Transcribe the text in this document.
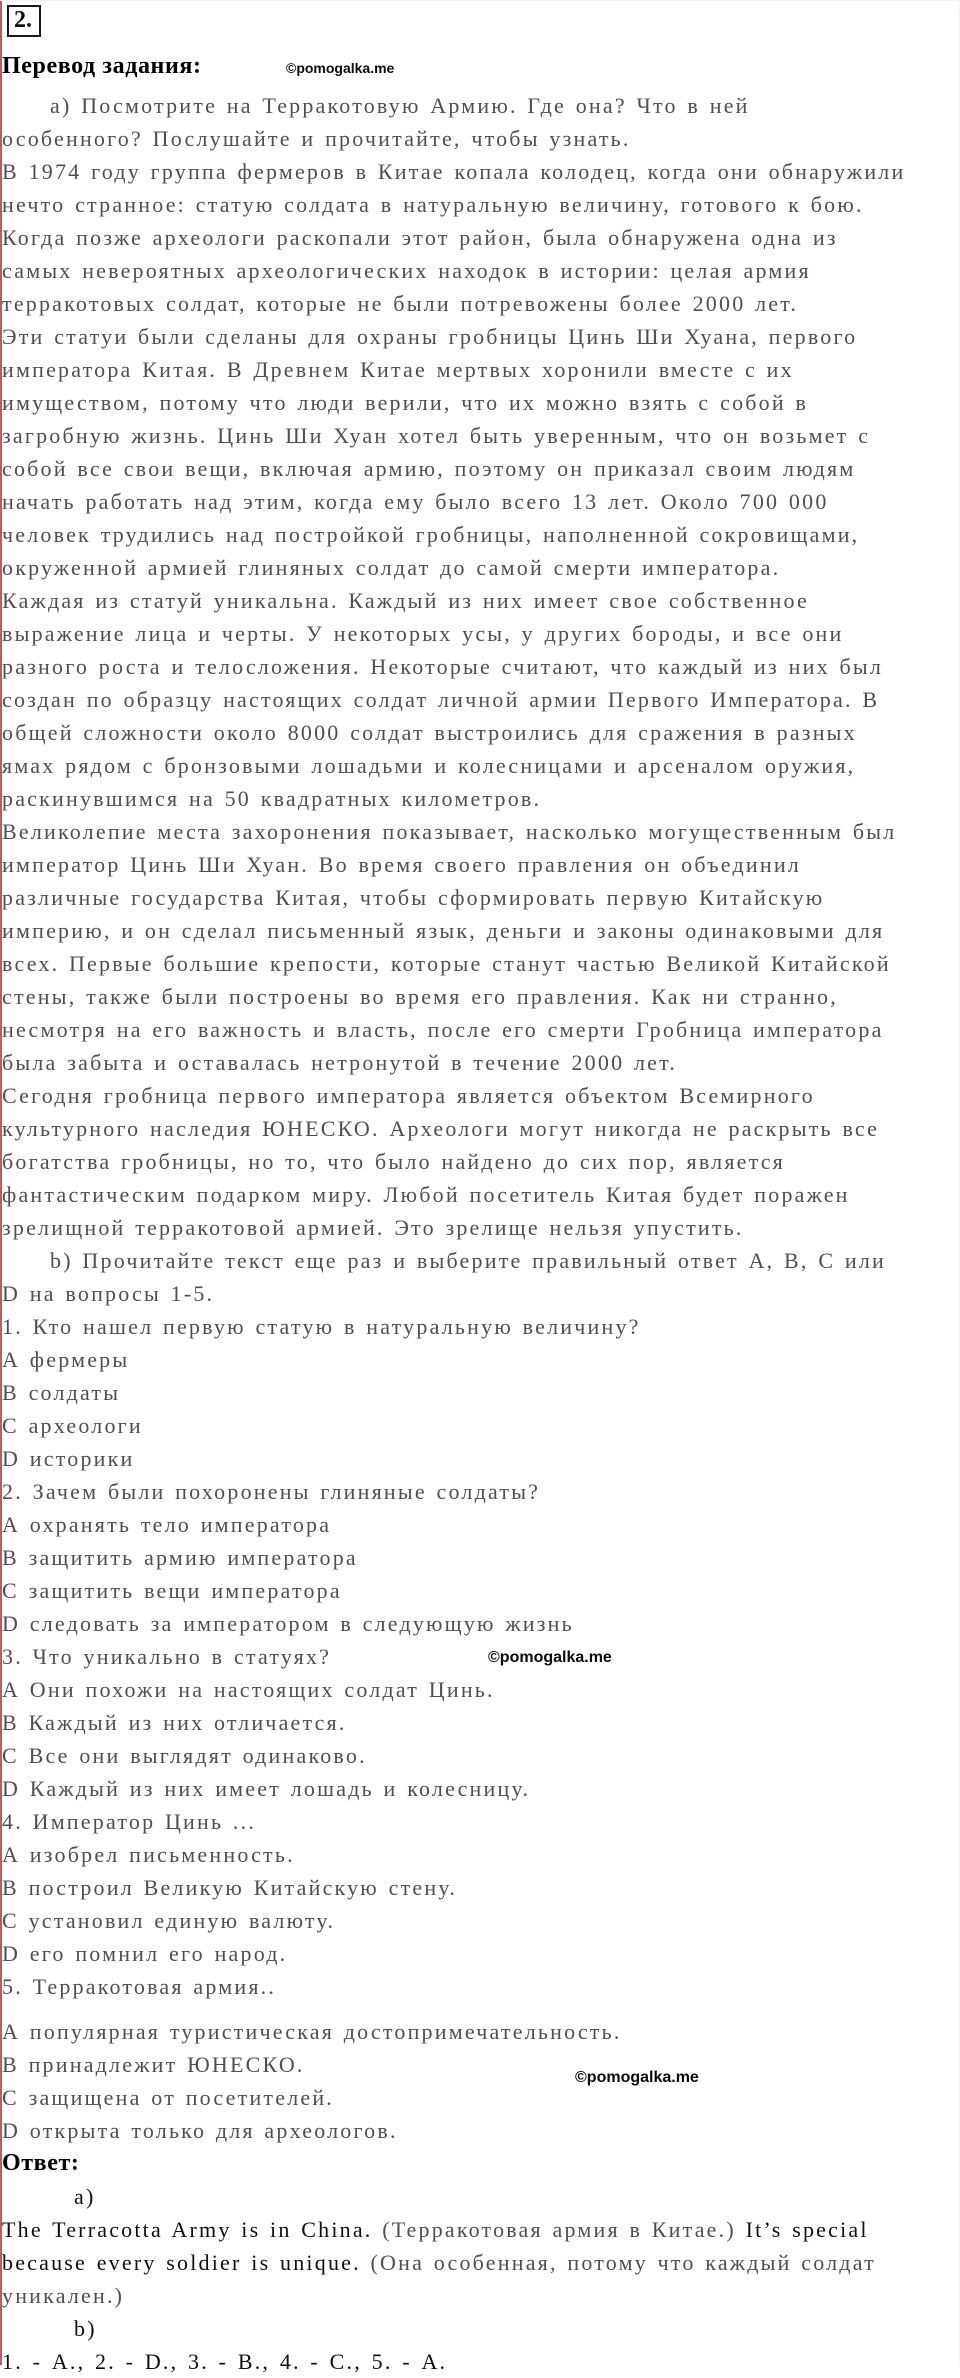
2.
Перевод задания:	©pomogalka.me
©pomogalka.me
©pomogalka.me
а) Посмотрите на Терракотовую Армию. Где она? Что в ней
особенного? Послушайте и прочитайте, чтобы узнать.
В 1974 году группа фермеров в Китае копала колодец, когда они обнаружили
нечто странное: статую солдата в натуральную величину, готового к бою.
Когда позже археологи раскопали этот район, была обнаружена одна из
самых невероятных археологических находок в истории: целая армия
терракотовых солдат, которые не были потревожены более 2000 лет.
Эти статуи были сделаны для охраны гробницы Цинь Ши Хуана, первого
императора Китая. В Древнем Китае мертвых хоронили вместе с их
имуществом, потому что люди верили, что их можно взять с собой в
загробную жизнь. Цинь Ши Хуан хотел быть уверенным, что он возьмет с
собой все свои вещи, включая армию, поэтому он приказал своим людям
начать работать над этим, когда ему было всего 13 лет. Около 700 000
человек трудились над постройкой гробницы, наполненной сокровищами,
окруженной армией глиняных солдат до самой смерти императора.
Каждая из статуй уникальна. Каждый из них имеет свое собственное
выражение лица и черты. У некоторых усы, у других бороды, и все они
разного роста и телосложения. Некоторые считают, что каждый из них был
создан по образцу настоящих солдат личной армии Первого Императора. В
общей сложности около 8000 солдат выстроились для сражения в разных
ямах рядом с бронзовыми лошадьми и колесницами и арсеналом оружия,
раскинувшимся на 50 квадратных километров.
Великолепие места захоронения показывает, насколько могущественным был
император Цинь Ши Хуан. Во время своего правления он объединил
различные государства Китая, чтобы сформировать первую Китайскую
империю, и он сделал письменный язык, деньги и законы одинаковыми для
всех. Первые большие крепости, которые станут частью Великой Китайской
стены, также были построены во время его правления. Как ни странно,
несмотря на его важность и власть, после его смерти Гробница императора
была забыта и оставалась нетронутой в течение 2000 лет.
Сегодня гробница первого императора является объектом Всемирного
культурного наследия ЮНЕСКО. Археологи могут никогда не раскрыть все
богатства гробницы, но то, что было найдено до сих пор, является
фантастическим подарком миру. Любой посетитель Китая будет поражен
зрелищной терракотовой армией. Это зрелище нельзя упустить.
b) Прочитайте текст еще раз и выберите правильный ответ А, В, С или
D на вопросы 1-5.
1. Кто нашел первую статую в натуральную величину?
А фермеры
В солдаты
С археологи
D историки
2. Зачем были похоронены глиняные солдаты?
А охранять тело императора
В защитить армию императора
С защитить вещи императора
D следовать за императором в следующую жизнь
3. Что уникально в статуях?
А Они похожи на настоящих солдат Цинь.
В Каждый из них отличается.
С Все они выглядят одинаково.
D Каждый из них имеет лошадь и колесницу.
4. Император Цинь ...
А изобрел письменность.
В построил Великую Китайскую стену.
С установил единую валюту.
D его помнил его народ.
5. Терракотовая армия..
А популярная туристическая достопримечательность.
В принадлежит ЮНЕСКО.
С защищена от посетителей.
D открыта только для археологов.
Ответ:
а)
The Terracotta Army is in China. (Терракотовая армия в Китае.) It’s special
because every soldier is unique. (Она особенная, потому что каждый солдат
уникален.)
b)
1. - А., 2. - D., 3. - В., 4. - С., 5. - А.
